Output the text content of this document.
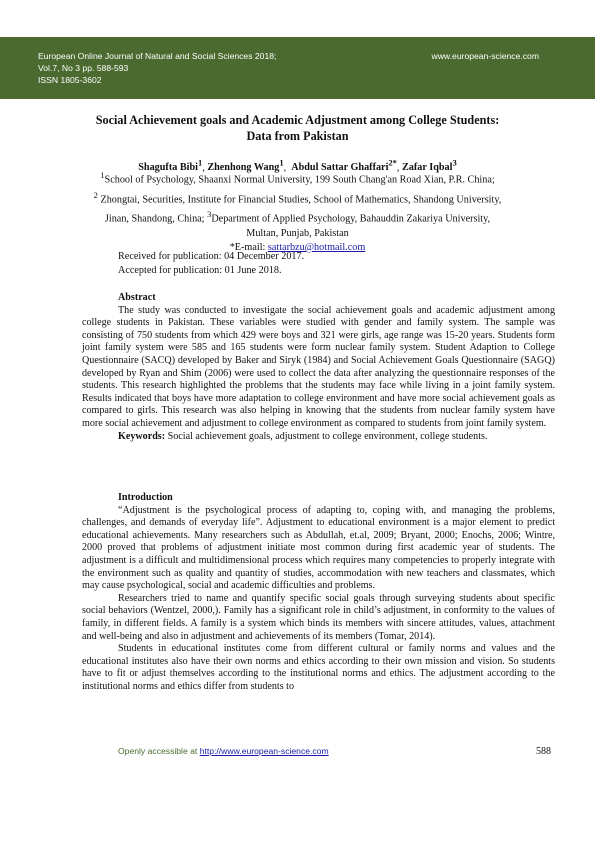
European Online Journal of Natural and Social Sciences 2018;
Vol.7, No 3 pp. 588-593
ISSN 1805-3602
www.european-science.com
Social Achievement goals and Academic Adjustment among College Students:
Data from Pakistan
Shagufta Bibi$^1$, Zhenhong Wang$^1$,  Abdul Sattar Ghaffari$^{2*}$, Zafar Iqbal$^3$
$^1$School of Psychology, Shaanxi Normal University, 199 South Chang'an Road Xian, P.R. China;
$^2$ Zhongtai, Securities, Institute for Financial Studies, School of Mathematics, Shandong University,
Jinan, Shandong, China; $^3$Department of Applied Psychology, Bahauddin Zakariya University,
Multan, Punjab, Pakistan
*E-mail: sattarbzu@hotmail.com
Received for publication: 04 December 2017.
Accepted for publication: 01 June 2018.
Abstract

The study was conducted to investigate the social achievement goals and academic adjustment among college students in Pakistan. These variables were studied with gender and family system. The sample was consisting of 750 students from which 429 were boys and 321 were girls, age range was 15-20 years. Students form joint family system were 585 and 165 students were form nuclear family system. Student Adaption to College Questionnaire (SACQ) developed by Baker and Siryk (1984) and Social Achievement Goals Questionnaire (SAGQ) developed by Ryan and Shim (2006) were used to collect the data after analyzing the questionnaire responses of the students. This research highlighted the problems that the students may face while living in a joint family system. Results indicated that boys have more adaptation to college environment and have more social achievement goals as compared to girls. This research was also helping in knowing that the students from nuclear family system have more social achievement and adjustment to college environment as compared to students from joint family system.

Keywords: Social achievement goals, adjustment to college environment, college students.
Introduction

“Adjustment is the psychological process of adapting to, coping with, and managing the problems, challenges, and demands of everyday life”. Adjustment to educational environment is a major element to predict educational achievements. Many researchers such as Abdullah, et.al, 2009; Bryant, 2000; Enochs, 2006; Wintre, 2000 proved that problems of adjustment initiate most common during first academic year of students. The adjustment is a difficult and multidimensional process which requires many competencies to properly integrate with the environment such as quality and quantity of studies, accommodation with new teachers and classmates, which may cause psychological, social and academic difficulties and problems.

Researchers tried to name and quantify specific social goals through surveying students about specific social behaviors (Wentzel, 2000,). Family has a significant role in child’s adjustment, in conformity to the values of family, in different fields. A family is a system which binds its members with sincere attitudes, values, attachment and well-being and also in adjustment and achievements of its members (Tomar, 2014).

Students in educational institutes come from different cultural or family norms and values and the educational institutes also have their own norms and ethics according to their own mission and vision. So students have to fit or adjust themselves according to the institutional norms and ethics. The adjustment according to the institutional norms and ethics differ from students to

Openly accessible at http://www.european-science.com	588
